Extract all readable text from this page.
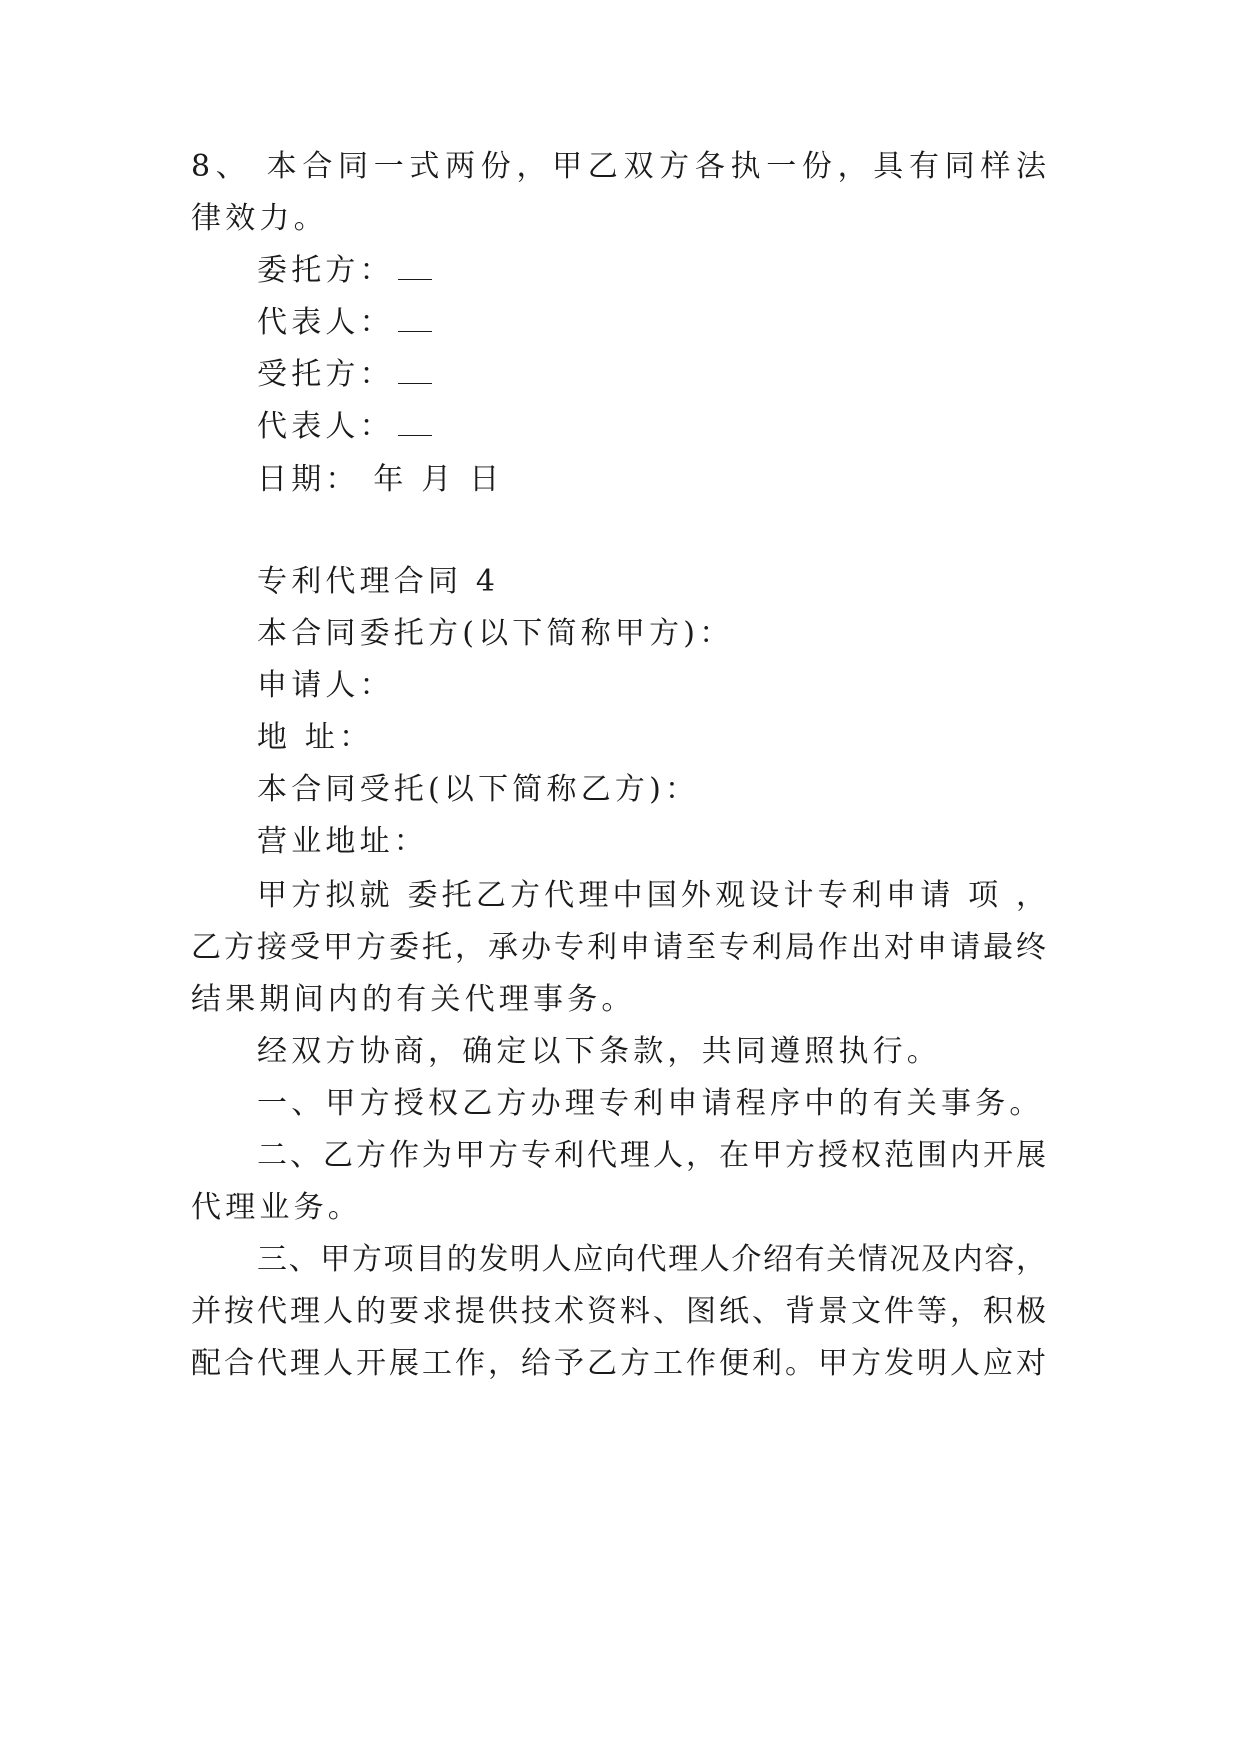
8、 本合同一式两份，甲乙双方各执一份，具有同样法
律效力。
委托方：
代表人：
受托方：
代表人：
日期： 年 月 日
专利代理合同 4
本合同委托方(以下简称甲方)：
申请人：
地 址：
本合同受托(以下简称乙方)：
营业地址：
甲方拟就 委托乙方代理中国外观设计专利申请 项 ，
乙方接受甲方委托，承办专利申请至专利局作出对申请最终
结果期间内的有关代理事务。
经双方协商，确定以下条款，共同遵照执行。
一、甲方授权乙方办理专利申请程序中的有关事务。
二、乙方作为甲方专利代理人，在甲方授权范围内开展
代理业务。
三、甲方项目的发明人应向代理人介绍有关情况及内容，
并按代理人的要求提供技术资料、图纸、背景文件等，积极
配合代理人开展工作，给予乙方工作便利。甲方发明人应对
